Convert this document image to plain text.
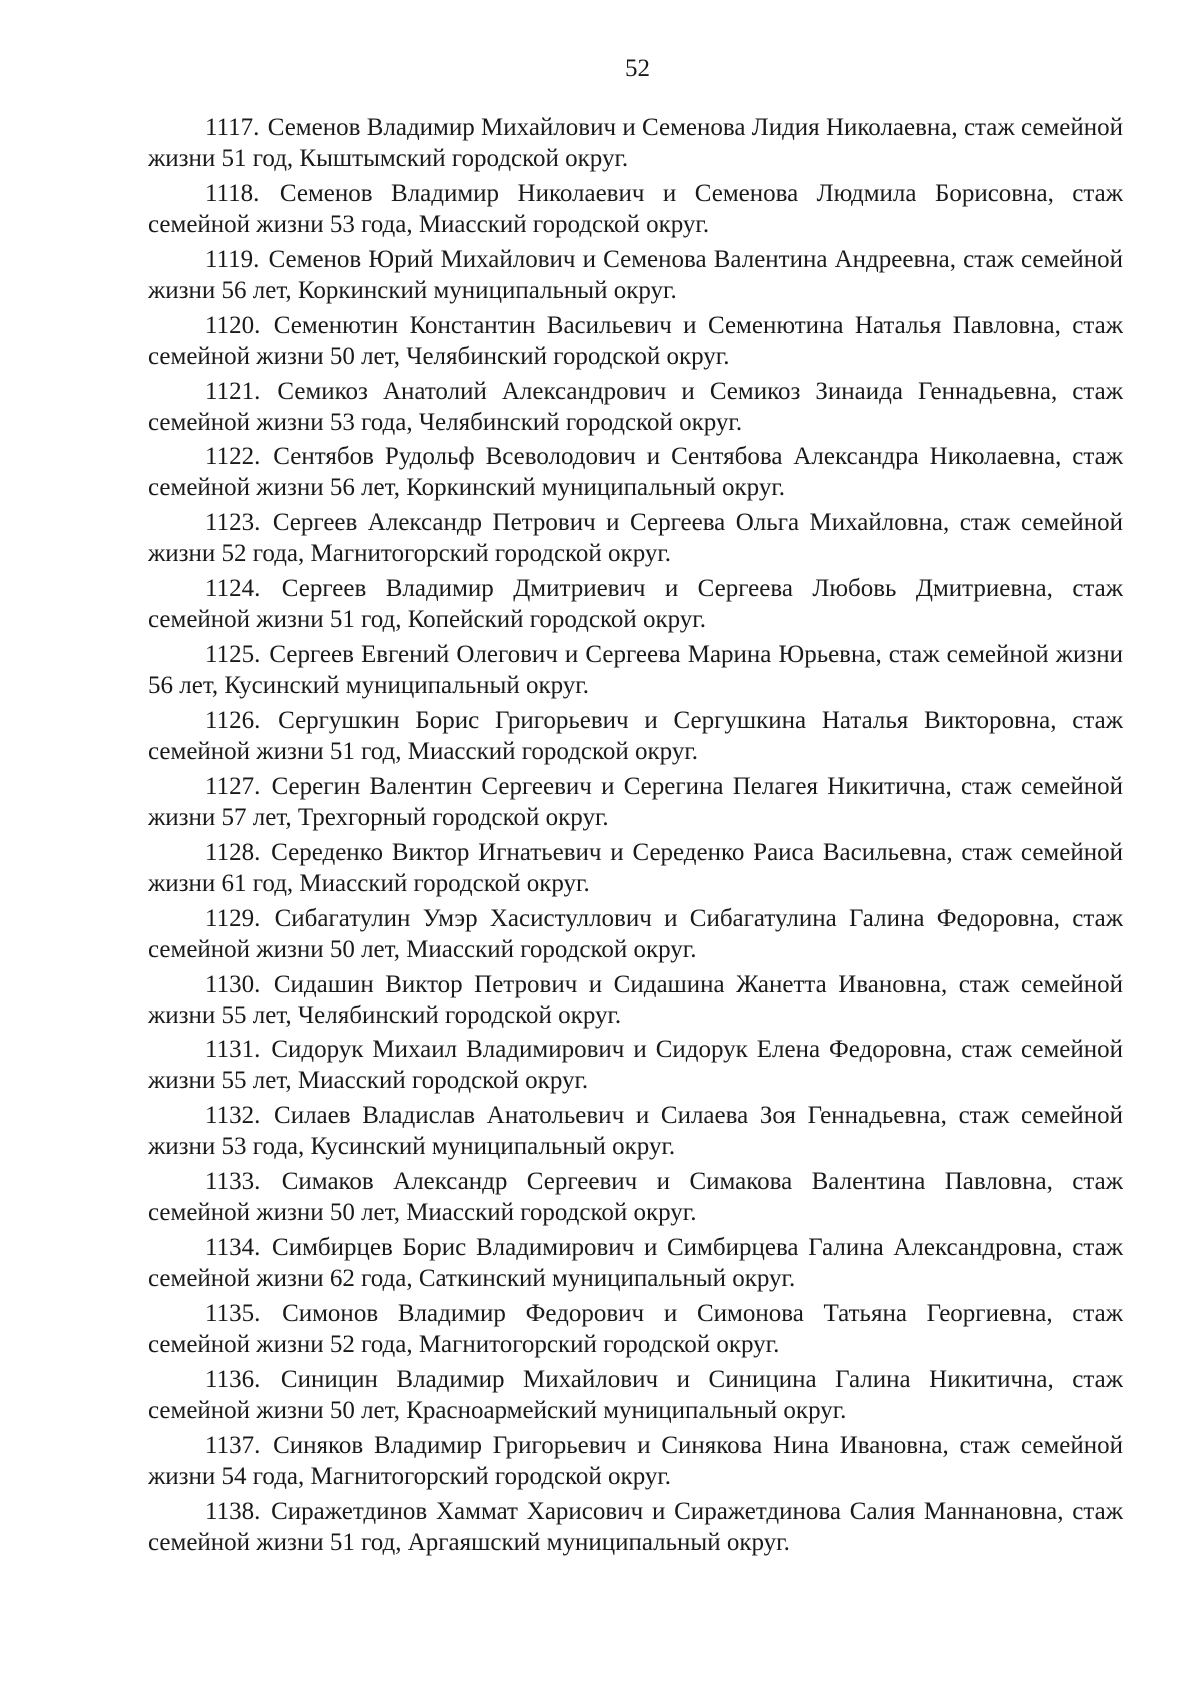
52
1117. Семенов Владимир Михайлович и Семенова Лидия Николаевна, стаж семейной жизни 51 год, Кыштымский городской округ.
1118. Семенов Владимир Николаевич и Семенова Людмила Борисовна, стаж семейной жизни 53 года, Миасский городской округ.
1119. Семенов Юрий Михайлович и Семенова Валентина Андреевна, стаж семейной жизни 56 лет, Коркинский муниципальный округ.
1120. Семенютин Константин Васильевич и Семенютина Наталья Павловна, стаж семейной жизни 50 лет, Челябинский городской округ.
1121. Семикоз Анатолий Александрович и Семикоз Зинаида Геннадьевна, стаж семейной жизни 53 года, Челябинский городской округ.
1122. Сентябов Рудольф Всеволодович и Сентябова Александра Николаевна, стаж семейной жизни 56 лет, Коркинский муниципальный округ.
1123. Сергеев Александр Петрович и Сергеева Ольга Михайловна, стаж семейной жизни 52 года, Магнитогорский городской округ.
1124. Сергеев Владимир Дмитриевич и Сергеева Любовь Дмитриевна, стаж семейной жизни 51 год, Копейский городской округ.
1125. Сергеев Евгений Олегович и Сергеева Марина Юрьевна, стаж семейной жизни 56 лет, Кусинский муниципальный округ.
1126. Сергушкин Борис Григорьевич и Сергушкина Наталья Викторовна, стаж семейной жизни 51 год, Миасский городской округ.
1127. Серегин Валентин Сергеевич и Серегина Пелагея Никитична, стаж семейной жизни 57 лет, Трехгорный городской округ.
1128. Середенко Виктор Игнатьевич и Середенко Раиса Васильевна, стаж семейной жизни 61 год, Миасский городской округ.
1129. Сибагатулин Умэр Хасистуллович и Сибагатулина Галина Федоровна, стаж семейной жизни 50 лет, Миасский городской округ.
1130. Сидашин Виктор Петрович и Сидашина Жанетта Ивановна, стаж семейной жизни 55 лет, Челябинский городской округ.
1131. Сидорук Михаил Владимирович и Сидорук Елена Федоровна, стаж семейной жизни 55 лет, Миасский городской округ.
1132. Силаев Владислав Анатольевич и Силаева Зоя Геннадьевна, стаж семейной жизни 53 года, Кусинский муниципальный округ.
1133. Симаков Александр Сергеевич и Симакова Валентина Павловна, стаж семейной жизни 50 лет, Миасский городской округ.
1134. Симбирцев Борис Владимирович и Симбирцева Галина Александровна, стаж семейной жизни 62 года, Саткинский муниципальный округ.
1135. Симонов Владимир Федорович и Симонова Татьяна Георгиевна, стаж семейной жизни 52 года, Магнитогорский городской округ.
1136. Синицин Владимир Михайлович и Синицина Галина Никитична, стаж семейной жизни 50 лет, Красноармейский муниципальный округ.
1137. Синяков Владимир Григорьевич и Синякова Нина Ивановна, стаж семейной жизни 54 года, Магнитогорский городской округ.
1138. Сиражетдинов Хаммат Харисович и Сиражетдинова Салия Маннановна, стаж семейной жизни 51 год, Аргаяшский муниципальный округ.
